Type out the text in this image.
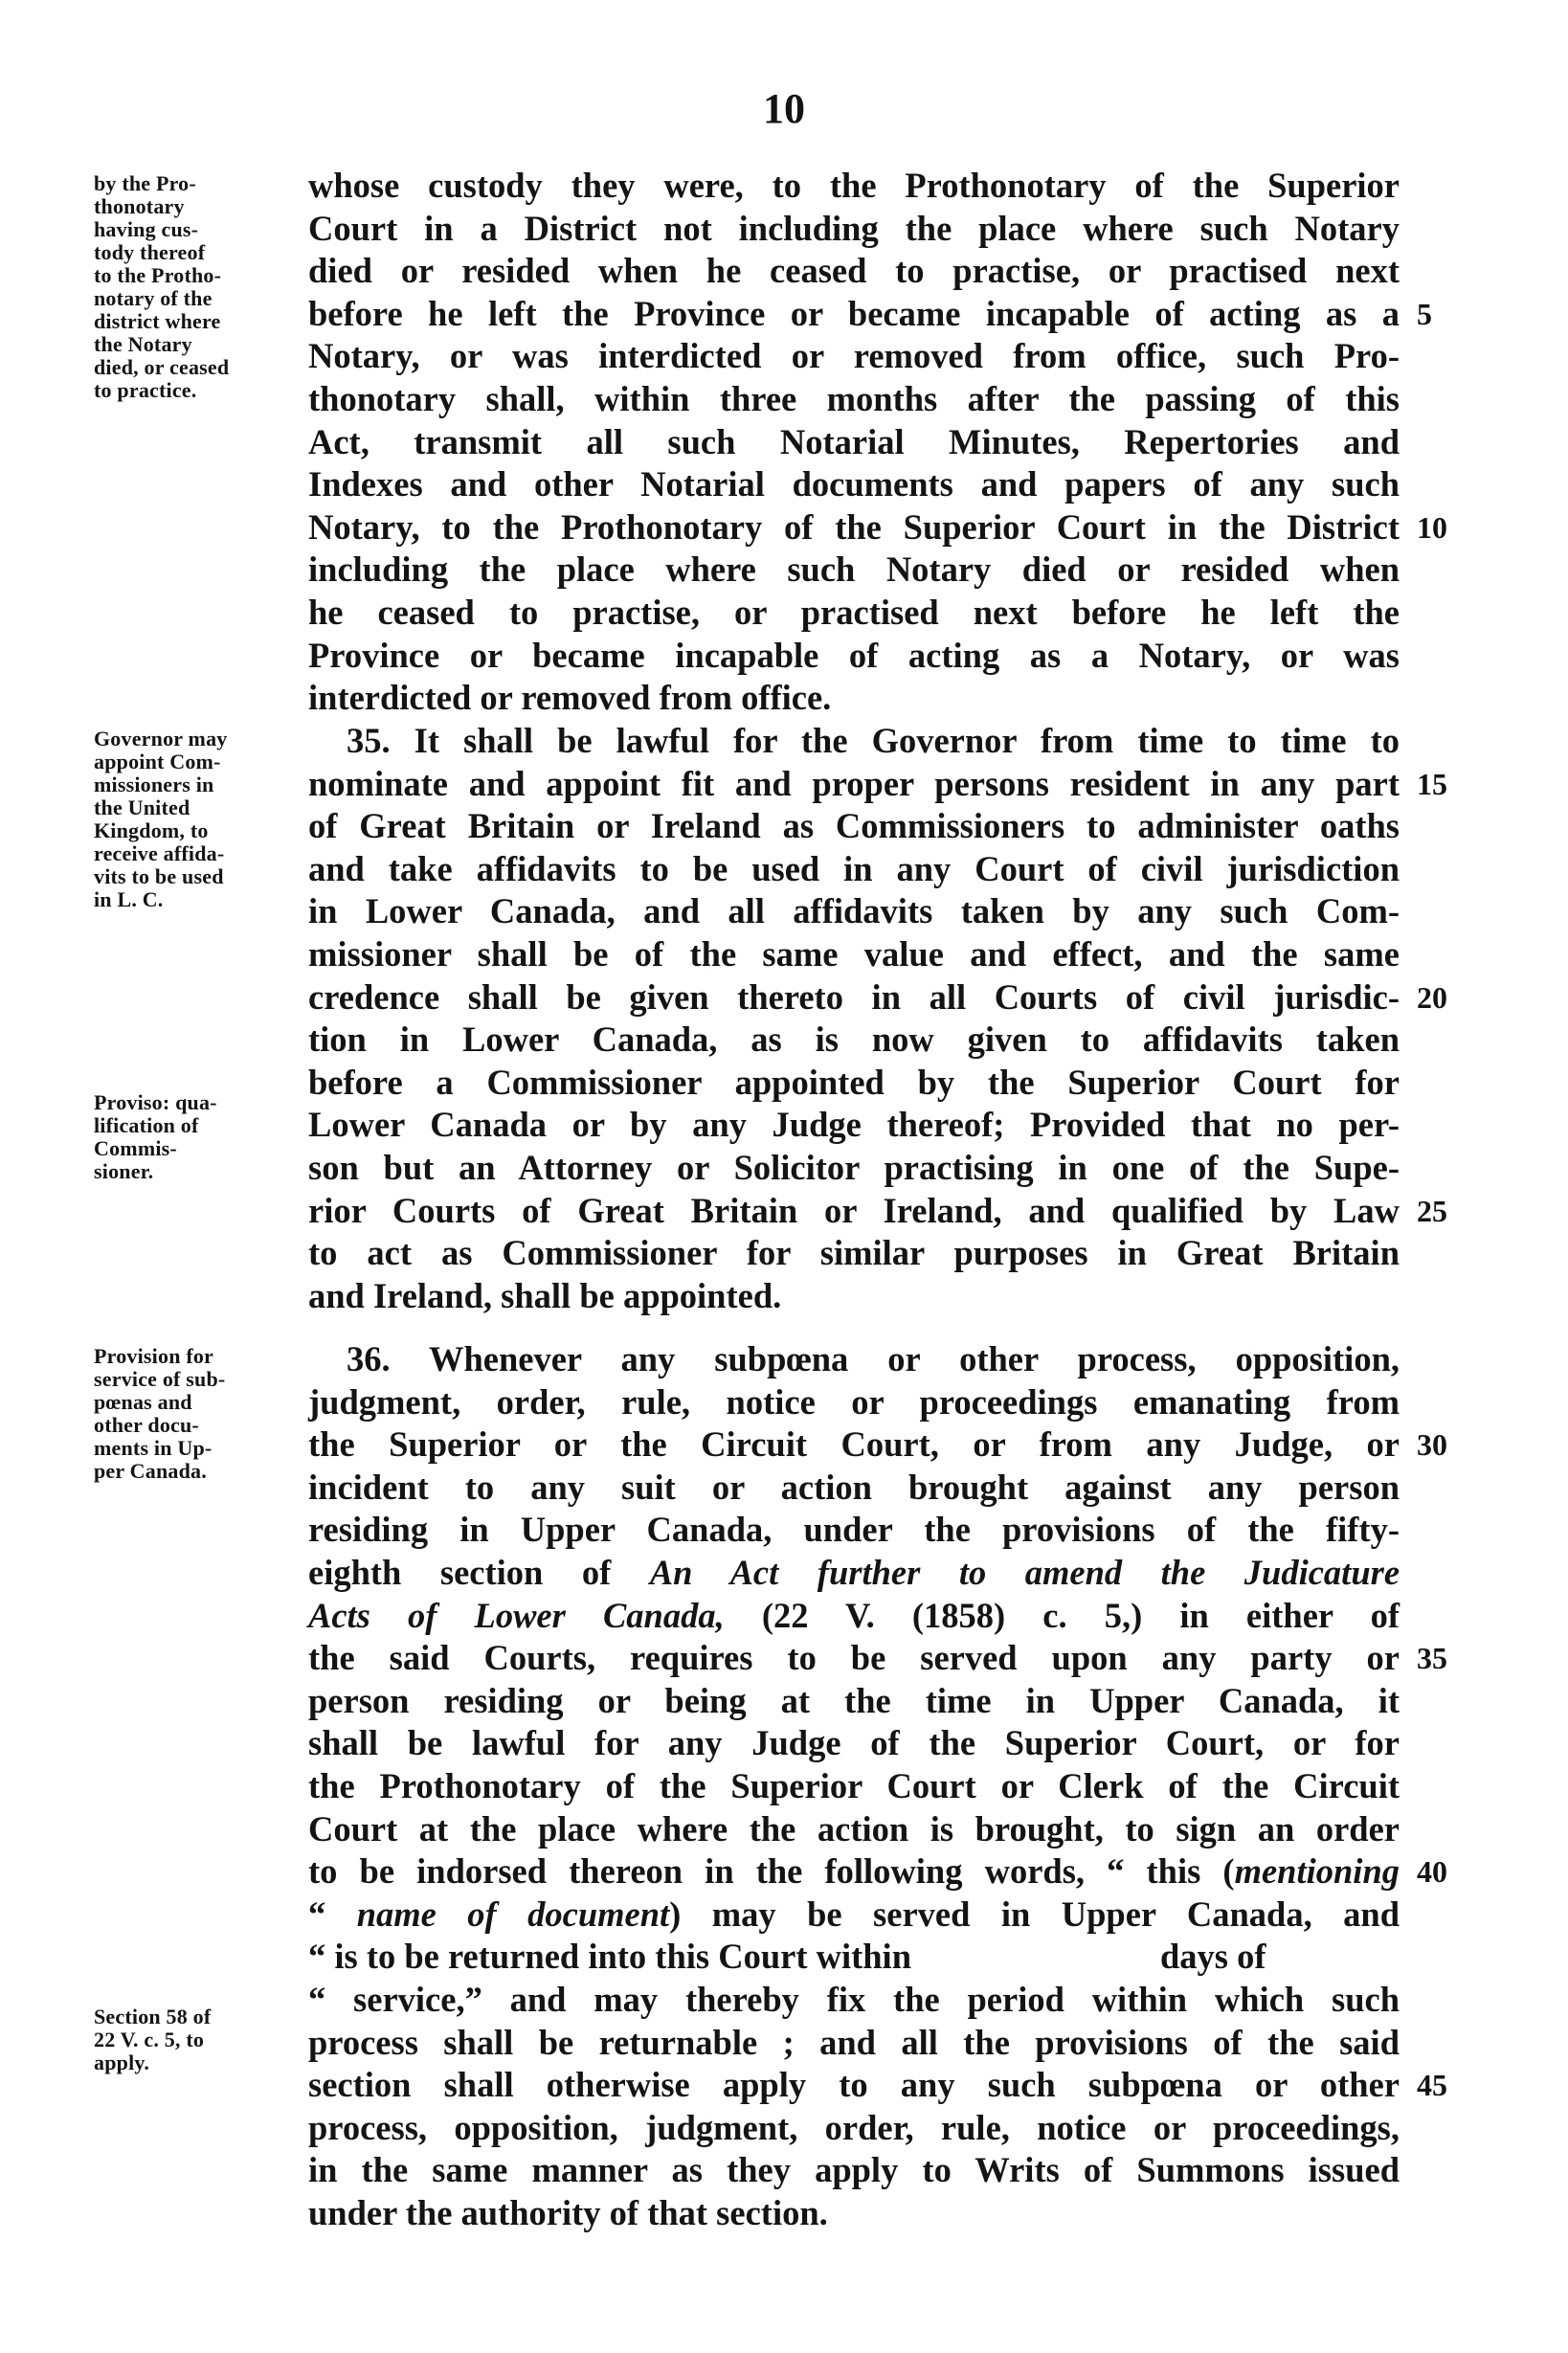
10
by the Pro-
thonotary
having cus-
tody thereof
to the Protho-
notary of the
district where
the Notary
died, or ceased
to practice.
Governor may
appoint Com-
missioners in
the United
Kingdom, to
receive affida-
vits to be used
in L. C.
Proviso: qua-
lification of
Commis-
sioner.
Provision for
service of sub-
pœnas and
other docu-
ments in Up-
per Canada.
Section 58 of
22 V. c. 5, to
apply.
whose custody they were, to the Prothonotary of the Superior
Court in a District not including the place where such Notary
died or resided when he ceased to practise, or practised next
before he left the Province or became incapable of acting as a
Notary, or was interdicted or removed from office, such Pro-
thonotary shall, within three months after the passing of this
Act, transmit all such Notarial Minutes, Repertories and
Indexes and other Notarial documents and papers of any such
Notary, to the Prothonotary of the Superior Court in the District
including the place where such Notary died or resided when
he ceased to practise, or practised next before he left the
Province or became incapable of acting as a Notary, or was
interdicted or removed from office.
35. It shall be lawful for the Governor from time to time to
nominate and appoint fit and proper persons resident in any part
of Great Britain or Ireland as Commissioners to administer oaths
and take affidavits to be used in any Court of civil jurisdiction
in Lower Canada, and all affidavits taken by any such Com-
missioner shall be of the same value and effect, and the same
credence shall be given thereto in all Courts of civil jurisdic-
tion in Lower Canada, as is now given to affidavits taken
before a Commissioner appointed by the Superior Court for
Lower Canada or by any Judge thereof; Provided that no per-
son but an Attorney or Solicitor practising in one of the Supe-
rior Courts of Great Britain or Ireland, and qualified by Law
to act as Commissioner for similar purposes in Great Britain
and Ireland, shall be appointed.
36. Whenever any subpœna or other process, opposition,
judgment, order, rule, notice or proceedings emanating from
the Superior or the Circuit Court, or from any Judge, or
incident to any suit or action brought against any person
residing in Upper Canada, under the provisions of the fifty-
eighth section of An Act further to amend the Judicature
Acts of Lower Canada, (22 V. (1858) c. 5,) in either of
the said Courts, requires to be served upon any party or
person residing or being at the time in Upper Canada, it
shall be lawful for any Judge of the Superior Court, or for
the Prothonotary of the Superior Court or Clerk of the Circuit
Court at the place where the action is brought, to sign an order
to be indorsed thereon in the following words, “ this (mentioning
“ name of document) may be served in Upper Canada, and
“ is to be returned into this Court within	days of
“ service,” and may thereby fix the period within which such
process shall be returnable ; and all the provisions of the said
section shall otherwise apply to any such subpœna or other
process, opposition, judgment, order, rule, notice or proceedings,
in the same manner as they apply to Writs of Summons issued
under the authority of that section.
5
10
15
20
25
30
35
40
45
